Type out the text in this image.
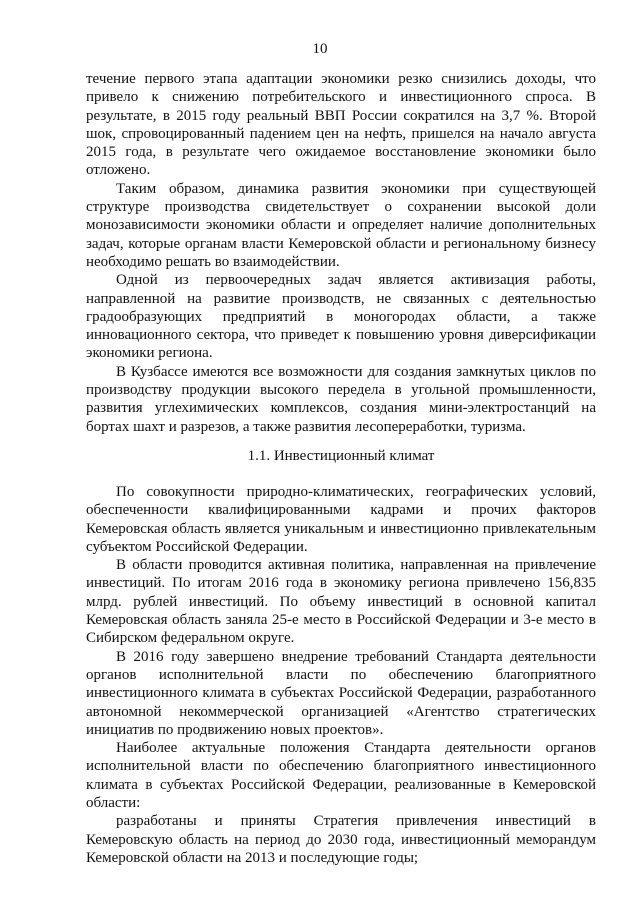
10

течение первого этапа адаптации экономики резко снизились доходы, что привело к снижению потребительского и инвестиционного спроса. В результате, в 2015 году реальный ВВП России сократился на 3,7 %. Второй шок, спровоцированный падением цен на нефть, пришелся на начало августа 2015 года, в результате чего ожидаемое восстановление экономики было отложено.

Таким образом, динамика развития экономики при существующей структуре производства свидетельствует о сохранении высокой доли монозависимости экономики области и определяет наличие дополнительных задач, которые органам власти Кемеровской области и региональному бизнесу необходимо решать во взаимодействии.

Одной из первоочередных задач является активизация работы, направленной на развитие производств, не связанных с деятельностью градообразующих предприятий в моногородах области, а также инновационного сектора, что приведет к повышению уровня диверсификации экономики региона.

В Кузбассе имеются все возможности для создания замкнутых циклов по производству продукции высокого передела в угольной промышленности, развития углехимических комплексов, создания мини-электростанций на бортах шахт и разрезов, а также развития лесопереработки, туризма.

1.1. Инвестиционный климат

По совокупности природно-климатических, географических условий, обеспеченности квалифицированными кадрами и прочих факторов Кемеровская область является уникальным и инвестиционно привлекательным субъектом Российской Федерации.

В области проводится активная политика, направленная на привлечение инвестиций. По итогам 2016 года в экономику региона привлечено 156,835 млрд. рублей инвестиций. По объему инвестиций в основной капитал Кемеровская область заняла 25-е место в Российской Федерации и 3-е место в Сибирском федеральном округе.

В 2016 году завершено внедрение требований Стандарта деятельности органов исполнительной власти по обеспечению благоприятного инвестиционного климата в субъектах Российской Федерации, разработанного автономной некоммерческой организацией «Агентство стратегических инициатив по продвижению новых проектов».

Наиболее актуальные положения Стандарта деятельности органов исполнительной власти по обеспечению благоприятного инвестиционного климата в субъектах Российской Федерации, реализованные в Кемеровской области:

разработаны и приняты Стратегия привлечения инвестиций в Кемеровскую область на период до 2030 года, инвестиционный меморандум Кемеровской области на 2013 и последующие годы;
